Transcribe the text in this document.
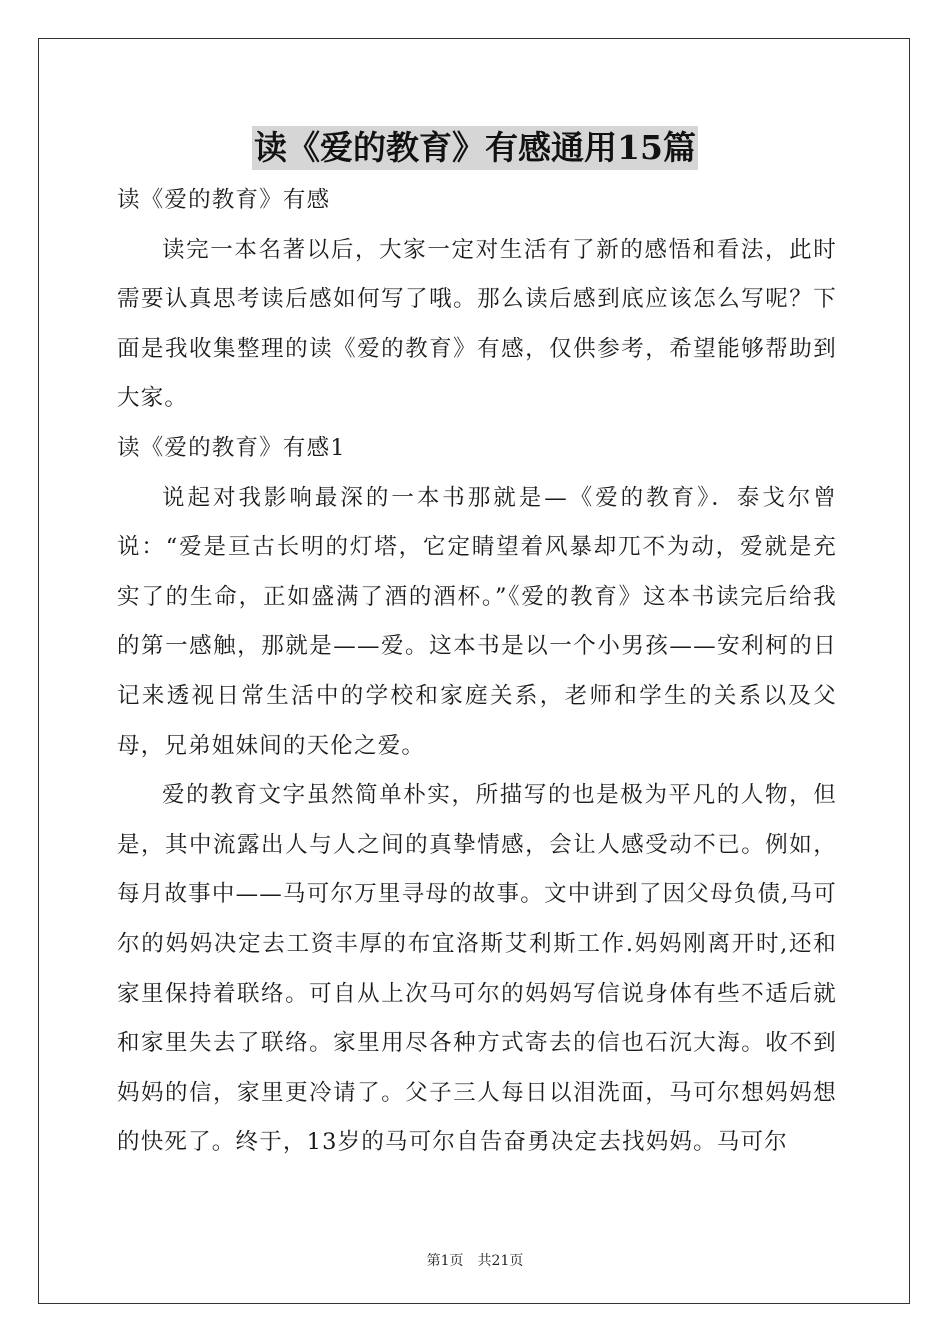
读《爱的教育》有感通用15篇

读《爱的教育》有感

读完一本名著以后，大家一定对生活有了新的感悟和看法，此时需要认真思考读后感如何写了哦。那么读后感到底应该怎么写呢？下面是我收集整理的读《爱的教育》有感，仅供参考，希望能够帮助到大家。

读《爱的教育》有感1

说起对我影响最深的一本书那就是—《爱的教育》．泰戈尔曾说：“爱是亘古长明的灯塔，它定睛望着风暴却兀不为动，爱就是充实了的生命，正如盛满了酒的酒杯。”《爱的教育》这本书读完后给我的第一感触，那就是——爱。这本书是以一个小男孩——安利柯的日记来透视日常生活中的学校和家庭关系，老师和学生的关系以及父母，兄弟姐妹间的天伦之爱。

爱的教育文字虽然简单朴实，所描写的也是极为平凡的人物，但是，其中流露出人与人之间的真挚情感，会让人感受动不已。例如，每月故事中——马可尔万里寻母的故事。文中讲到了因父母负债,马可尔的妈妈决定去工资丰厚的布宜洛斯艾利斯工作.妈妈刚离开时,还和家里保持着联络。可自从上次马可尔的妈妈写信说身体有些不适后就和家里失去了联络。家里用尽各种方式寄去的信也石沉大海。收不到妈妈的信，家里更冷请了。父子三人每日以泪洗面，马可尔想妈妈想的快死了。终于，13岁的马可尔自告奋勇决定去找妈妈。马可尔

第1页　共21页
